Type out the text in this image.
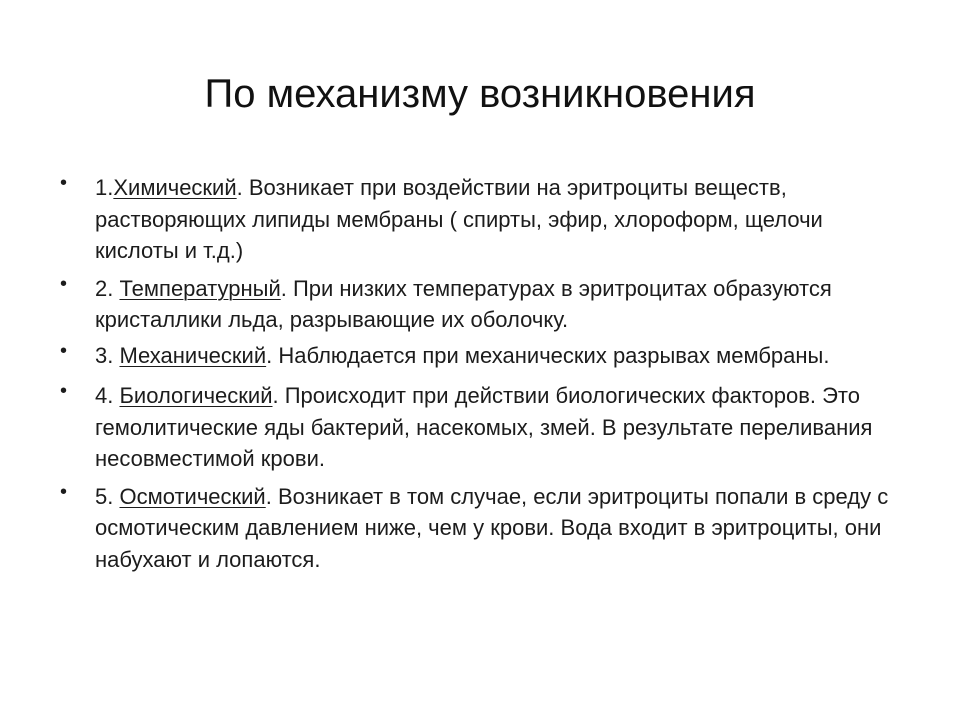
По механизму возникновения
• 1.Химический. Возникает при воздействии на эритроциты веществ, растворяющих липиды мембраны ( спирты, эфир, хлороформ, щелочи кислоты и т.д.)
• 2. Температурный. При низких температурах в эритроцитах образуются кристаллики льда, разрывающие их оболочку.
• 3. Механический. Наблюдается при механических разрывах мембраны.
• 4. Биологический. Происходит при действии биологических факторов. Это гемолитические яды бактерий, насекомых, змей. В результате переливания несовместимой крови.
• 5. Осмотический. Возникает в том случае, если эритроциты попали в среду с осмотическим давлением ниже, чем у крови. Вода входит в эритроциты, они набухают и лопаются.
